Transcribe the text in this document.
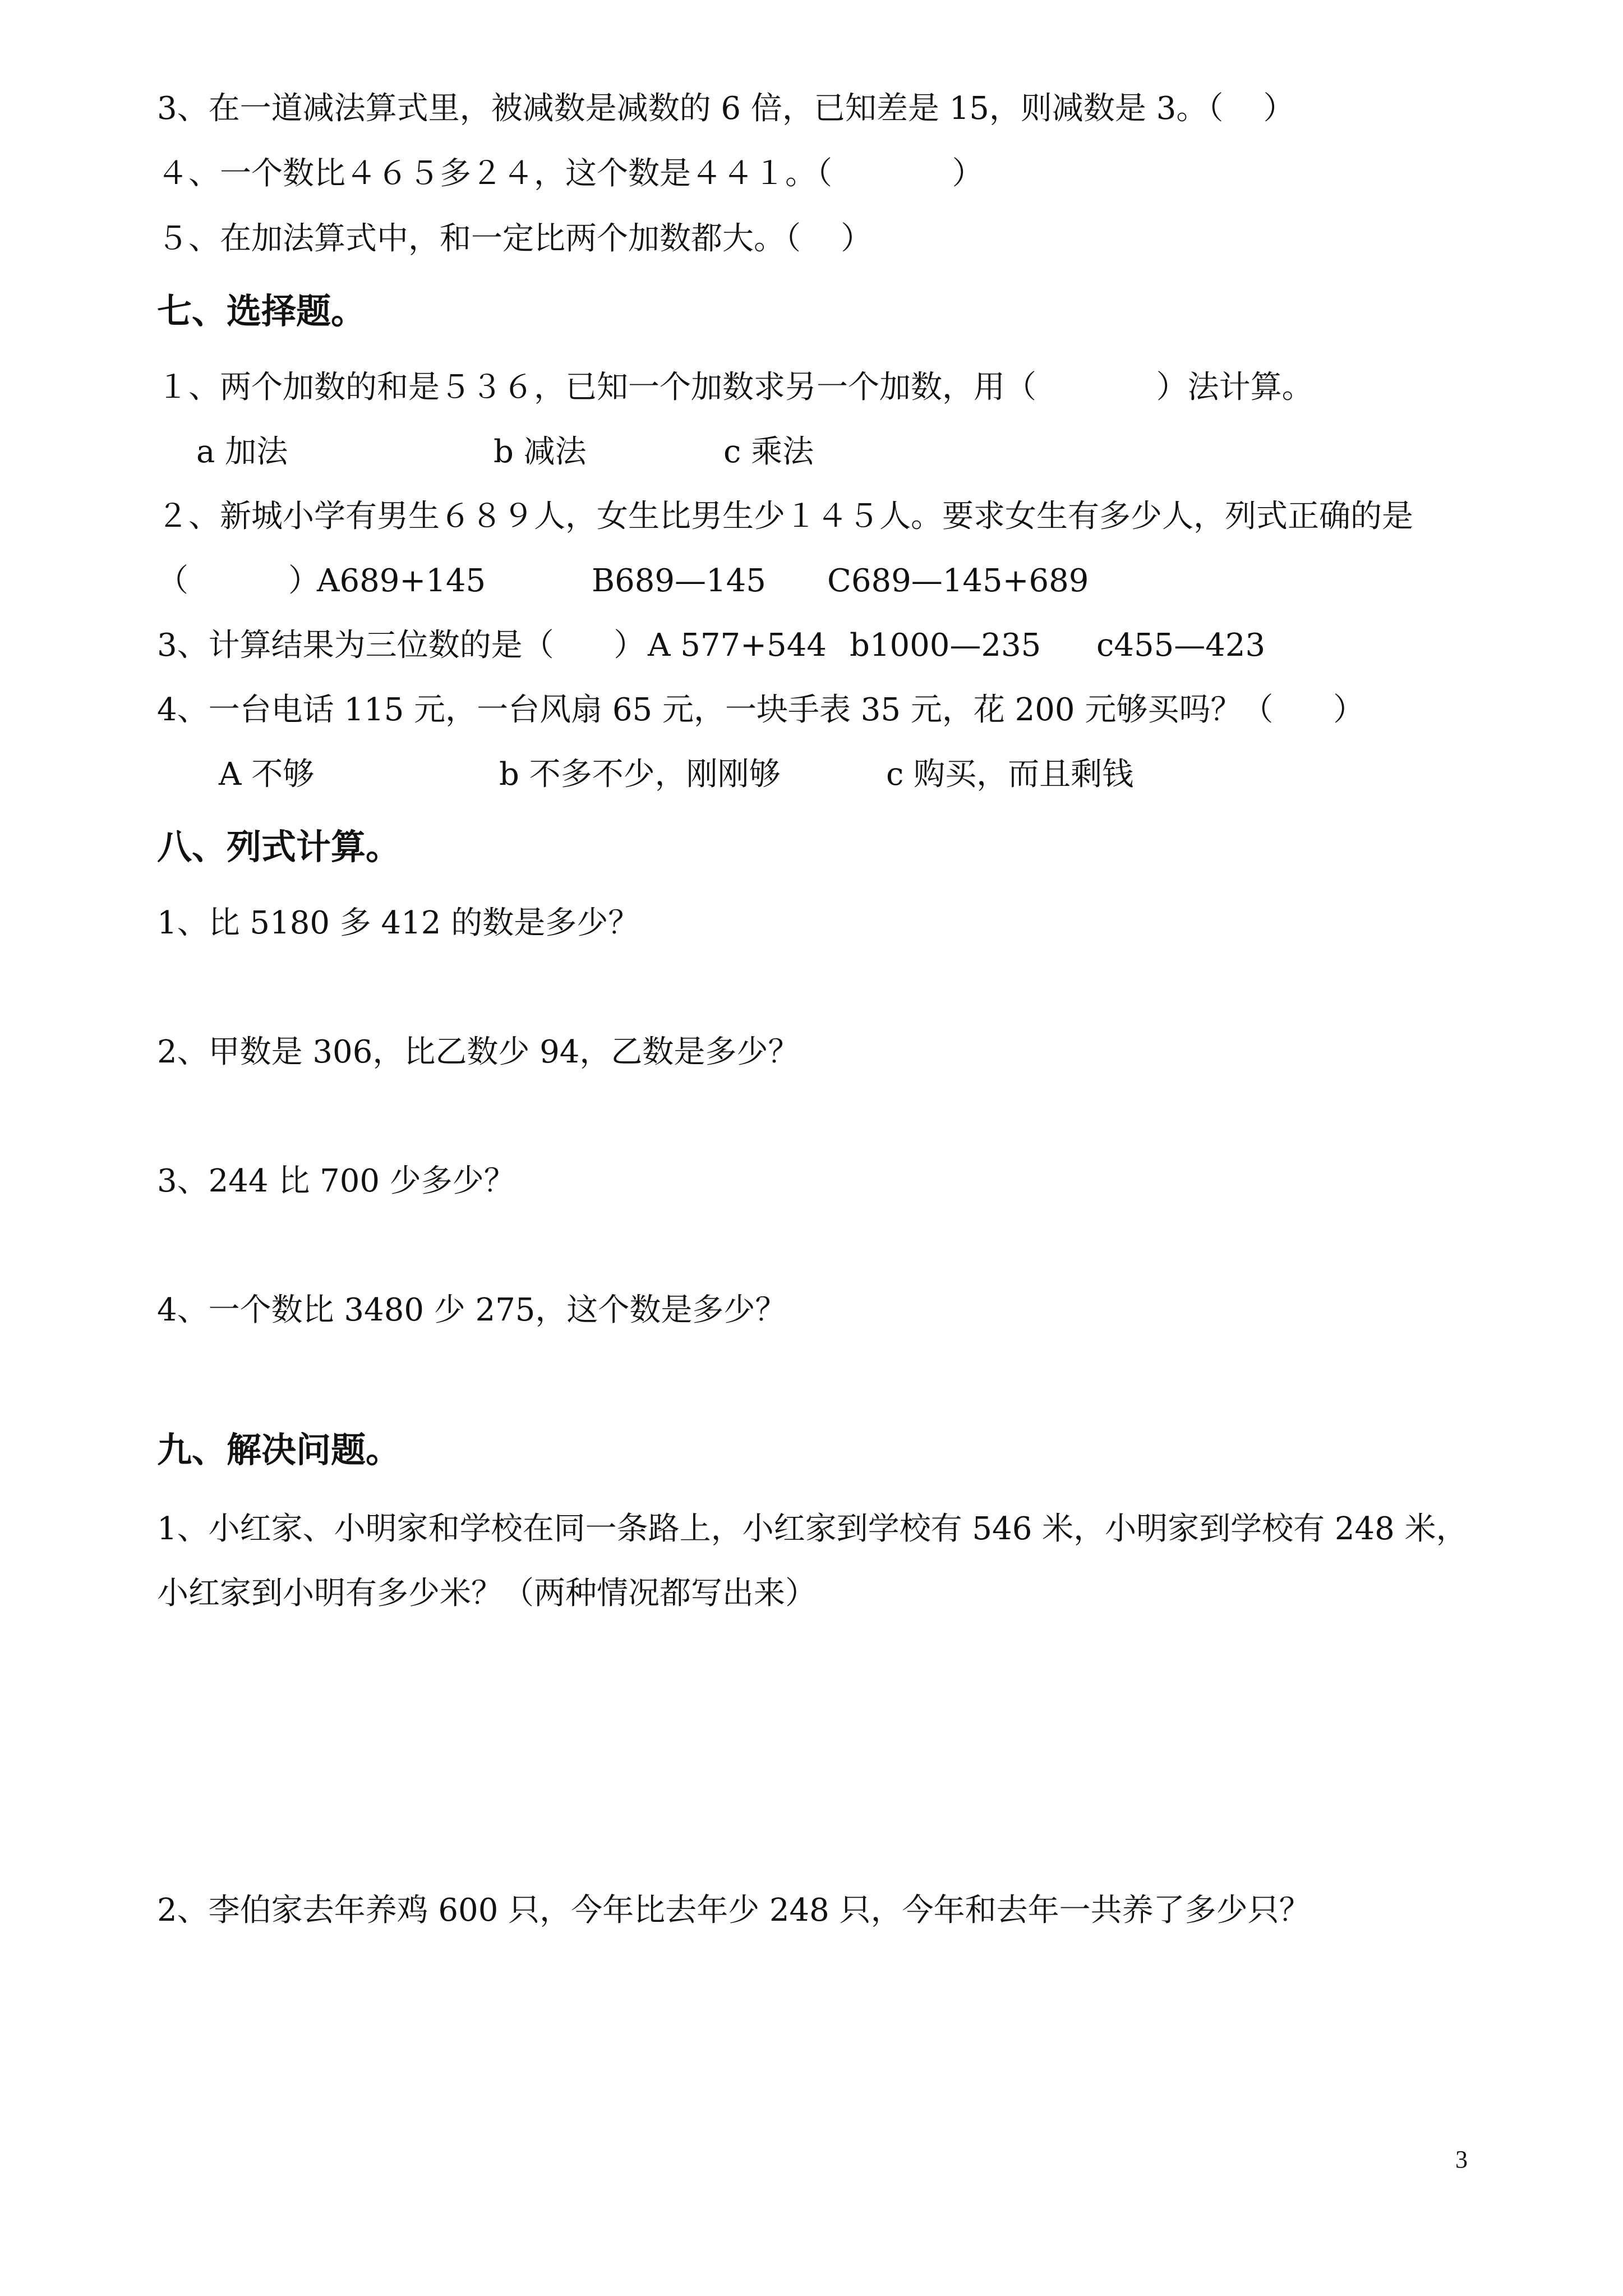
3、在一道减法算式里，被减数是减数的 6 倍，已知差是 15，则减数是 3。（    ）
４、一个数比４６５多２４，这个数是４４１。（            ）
５、在加法算式中，和一定比两个加数都大。（    ）
七、选择题。
１、两个加数的和是５３６，已知一个加数求另一个加数，用（            ）法计算。
a 加法	b 减法	c 乘法
２、新城小学有男生６８９人，女生比男生少１４５人。要求女生有多少人，列式正确的是
（          ）
A689+145	B689—145 C689—145+689
3、计算结果为三位数的是（      ） A 577+544 b1000—235 c455—423
4、一台电话 115 元，一台风扇 65 元，一块手表 35 元，花 200 元够买吗？（      ）
A 不够	b 不多不少，刚刚够	c 购买，而且剩钱
八、列式计算。
1、比 5180 多 412 的数是多少？
2、甲数是 306，比乙数少 94，乙数是多少？
3、244 比 700 少多少？
4、一个数比 3480 少 275，这个数是多少？
九、解决问题。
1、小红家、小明家和学校在同一条路上，小红家到学校有 546 米，小明家到学校有 248 米，
小红家到小明有多少米？（两种情况都写出来）
2、李伯家去年养鸡 600 只，今年比去年少 248 只，今年和去年一共养了多少只？
3
